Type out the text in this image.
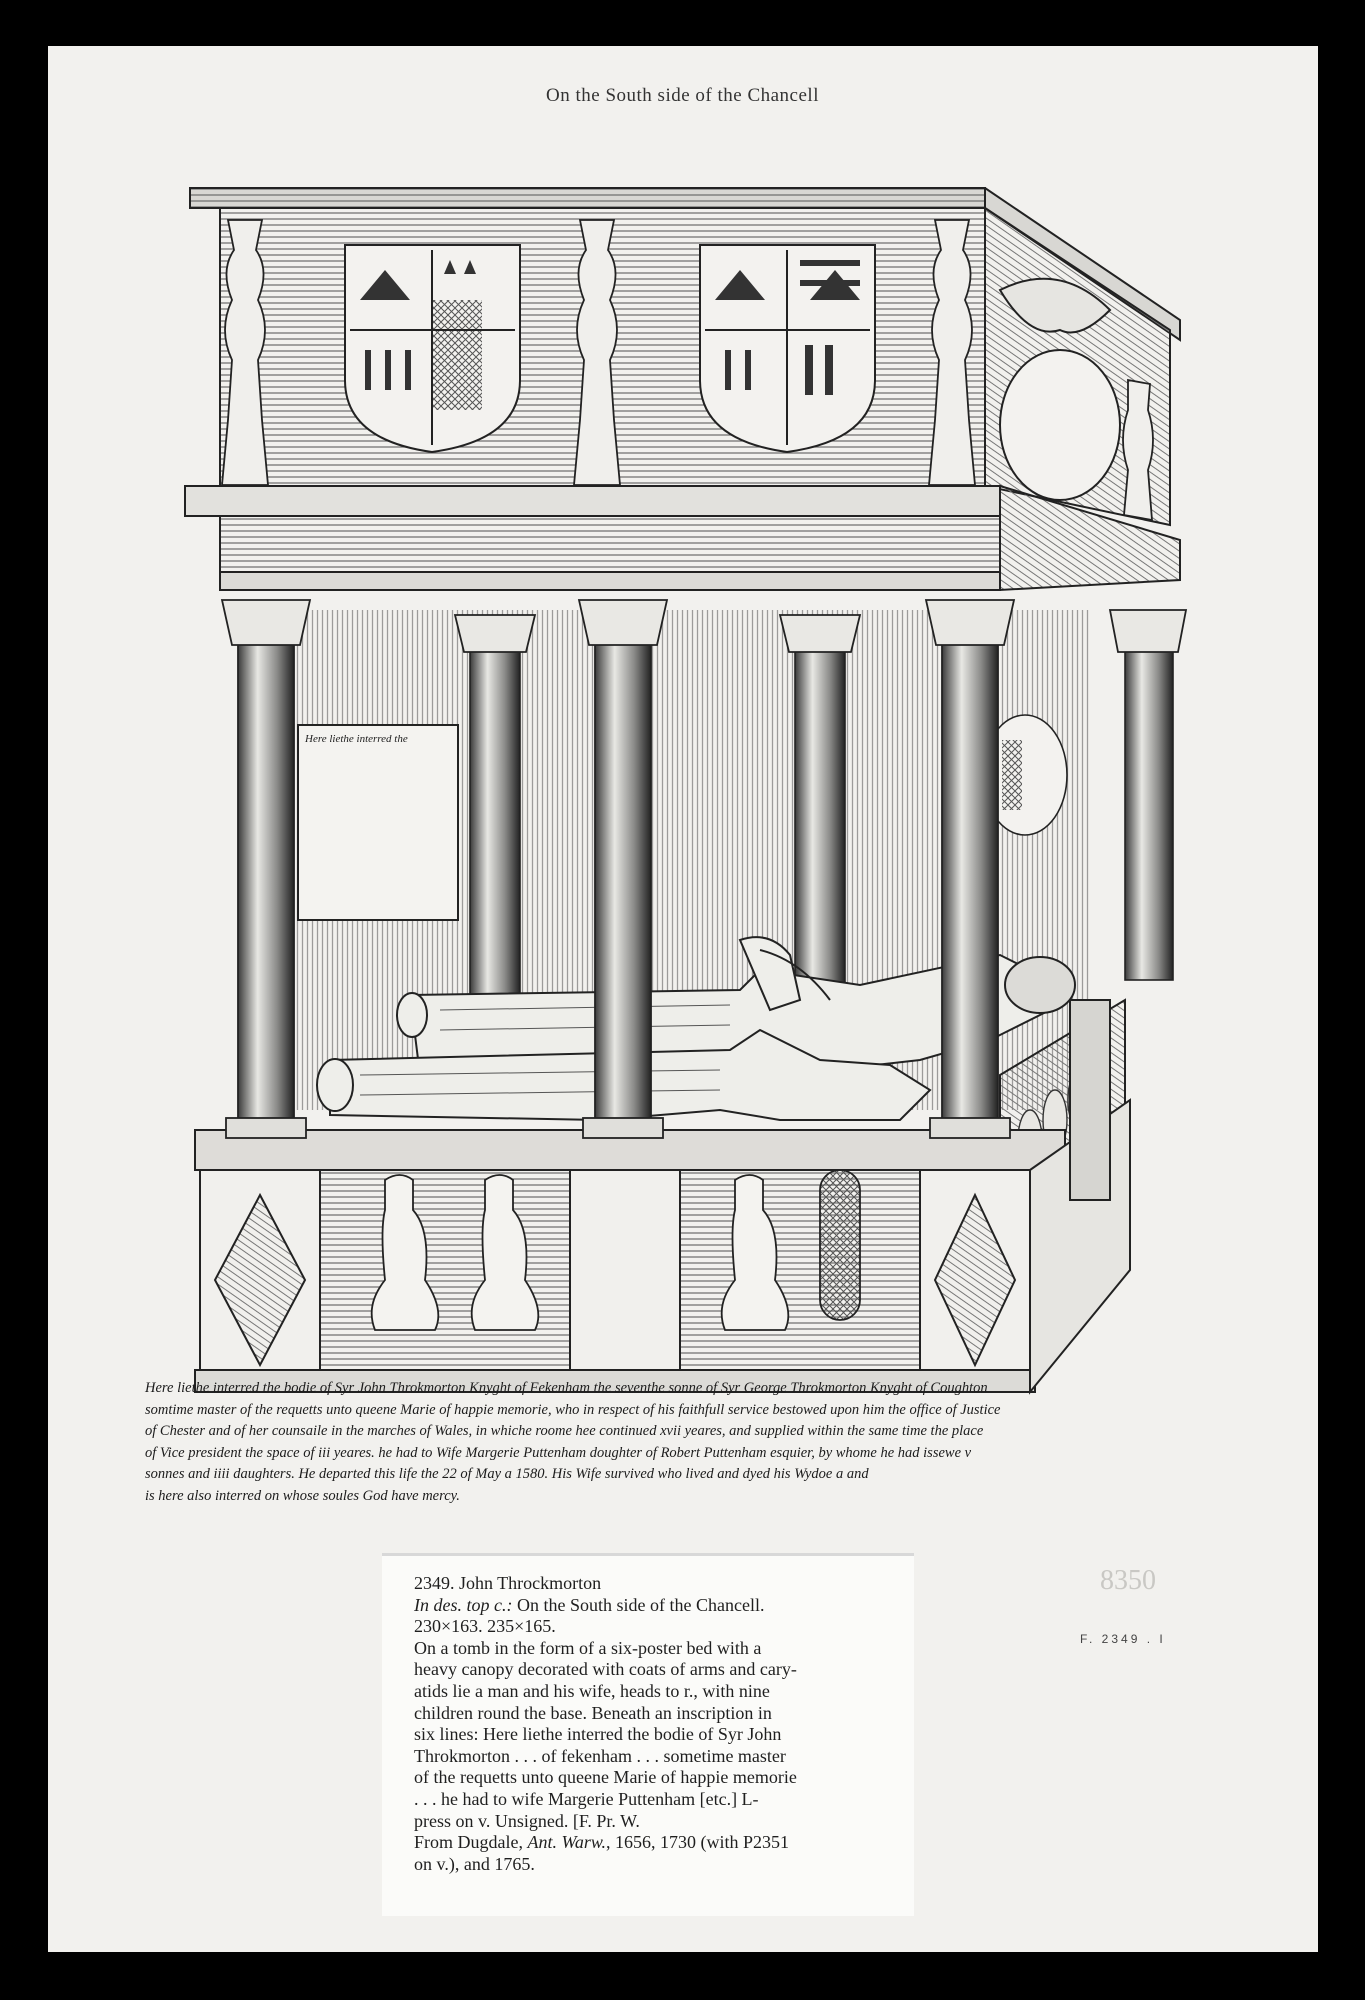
On the South side of the Chancell
Here liethe interred the
Here liethe interred the bodie of Syr John Throkmorton Knyght of Fekenham the seventhe sonne of Syr George Throkmorton Knyght of Coughton
somtime master of the requetts unto queene Marie of happie memorie, who in respect of his faithfull service bestowed upon him the office of Justice
of Chester and of her counsaile in the marches of Wales, in whiche roome hee continued xvii yeares, and supplied within the same time the place
of Vice president the space of iii yeares. he had to Wife Margerie Puttenham doughter of Robert Puttenham esquier, by whome he had issewe v
sonnes and iiii daughters. He departed this life the 22 of May a 1580. His Wife survived who lived and dyed his Wydoe a and
is here also interred on whose soules God have mercy.
8350
F. 2349 . I
2349. John Throckmorton
In des. top c.: On the South side of the Chancell.
230×163. 235×165.
On a tomb in the form of a six-poster bed with a
heavy canopy decorated with coats of arms and cary-
atids lie a man and his wife, heads to r., with nine
children round the base. Beneath an inscription in
six lines: Here liethe interred the bodie of Syr John
Throkmorton . . . of fekenham . . . sometime master
of the requetts unto queene Marie of happie memorie
. . . he had to wife Margerie Puttenham [etc.] L-
press on v. Unsigned. [F. Pr. W.
From Dugdale, Ant. Warw., 1656, 1730 (with P2351
on v.), and 1765.
